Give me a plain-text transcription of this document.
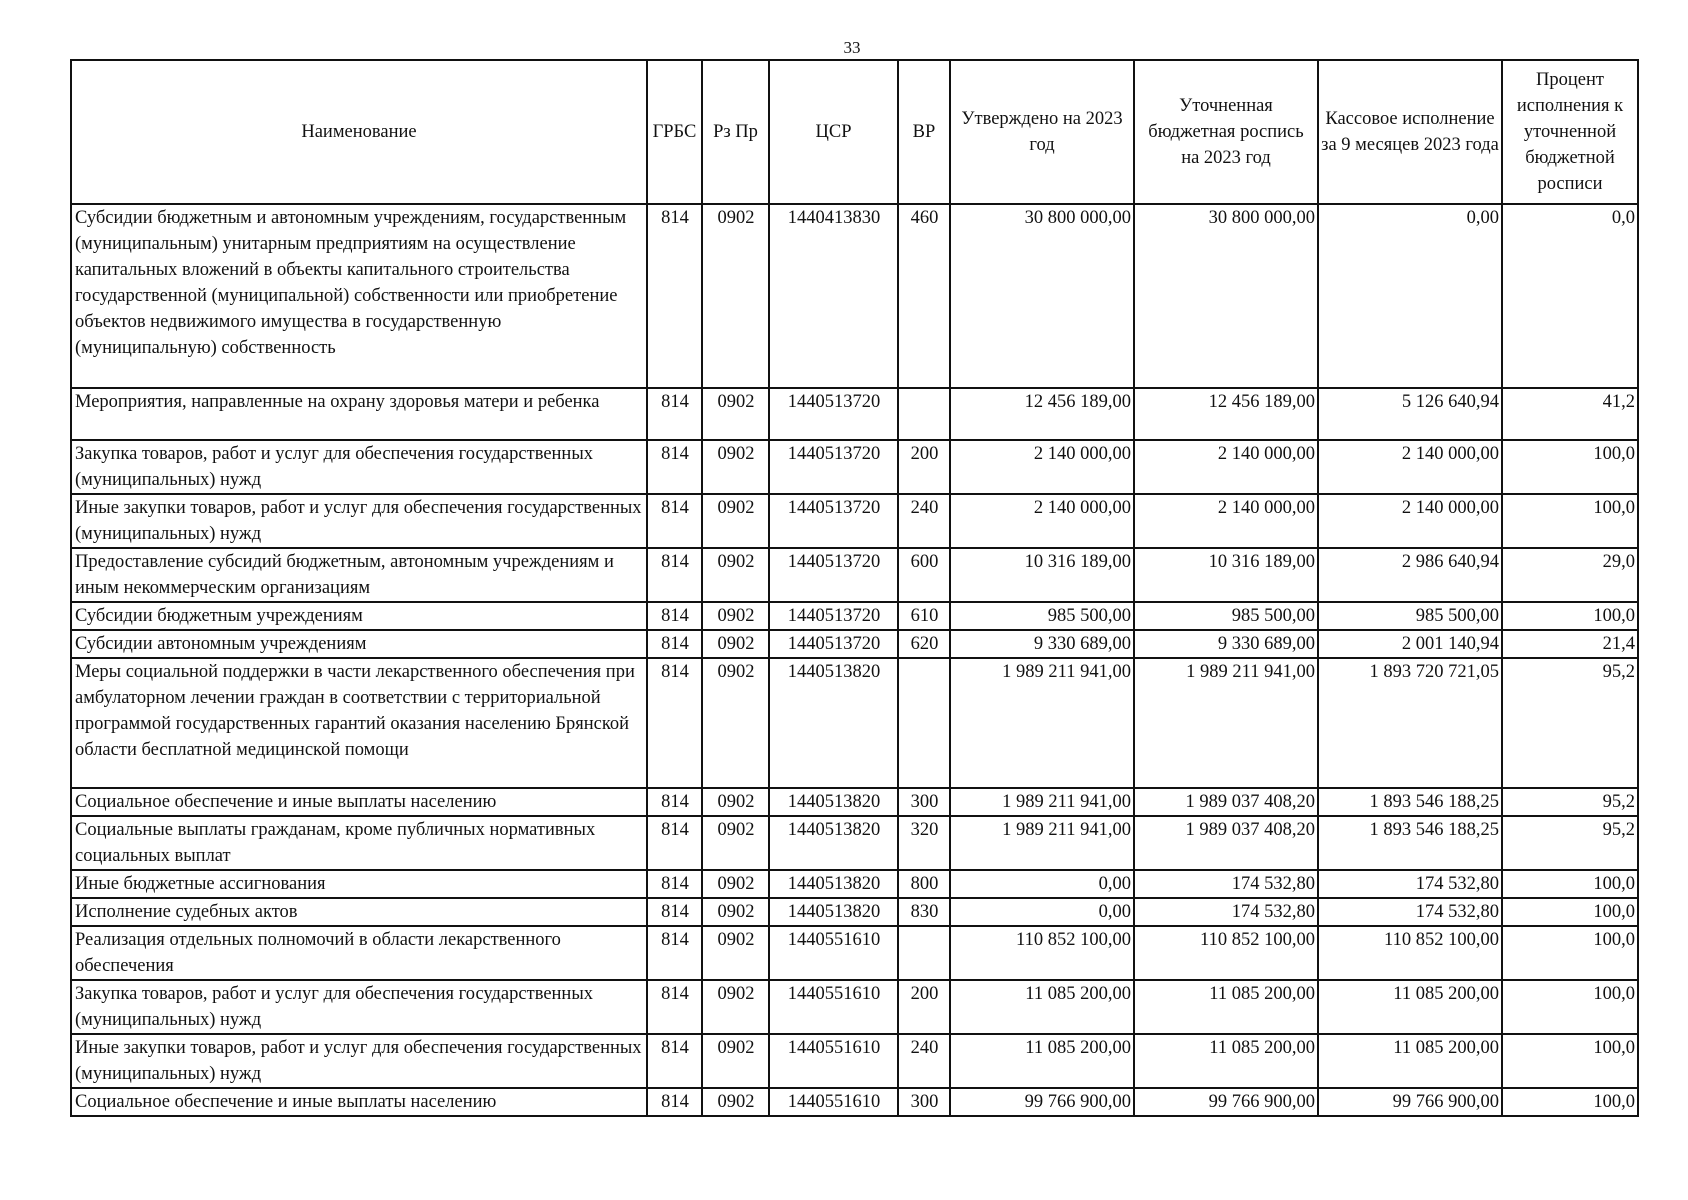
33
Наименование	ГРБС	Рз Пр	ЦСР	ВР	Утверждено на 2023 год	Уточненная бюджетная роспись на 2023 год	Кассовое исполнение за 9 месяцев 2023 года	Процент исполнения к уточненной бюджетной росписи
Субсидии бюджетным и автономным учреждениям, государственным (муниципальным) унитарным предприятиям на осуществление капитальных вложений в объекты капитального строительства государственной (муниципальной) собственности или приобретение объектов недвижимого имущества в государственную (муниципальную) собственность	814	0902	1440413830	460	30 800 000,00	30 800 000,00	0,00	0,0
Мероприятия, направленные на охрану здоровья матери и ребенка	814	0902	1440513720		12 456 189,00	12 456 189,00	5 126 640,94	41,2
Закупка товаров, работ и услуг для обеспечения государственных (муниципальных) нужд	814	0902	1440513720	200	2 140 000,00	2 140 000,00	2 140 000,00	100,0
Иные закупки товаров, работ и услуг для обеспечения государственных (муниципальных) нужд	814	0902	1440513720	240	2 140 000,00	2 140 000,00	2 140 000,00	100,0
Предоставление субсидий бюджетным, автономным учреждениям и иным некоммерческим организациям	814	0902	1440513720	600	10 316 189,00	10 316 189,00	2 986 640,94	29,0
Субсидии бюджетным учреждениям	814	0902	1440513720	610	985 500,00	985 500,00	985 500,00	100,0
Субсидии автономным учреждениям	814	0902	1440513720	620	9 330 689,00	9 330 689,00	2 001 140,94	21,4
Меры социальной поддержки в части лекарственного обеспечения при амбулаторном лечении граждан в соответствии с территориальной программой государственных гарантий оказания населению Брянской области бесплатной медицинской помощи	814	0902	1440513820		1 989 211 941,00	1 989 211 941,00	1 893 720 721,05	95,2
Социальное обеспечение и иные выплаты населению	814	0902	1440513820	300	1 989 211 941,00	1 989 037 408,20	1 893 546 188,25	95,2
Социальные выплаты гражданам, кроме публичных нормативных социальных выплат	814	0902	1440513820	320	1 989 211 941,00	1 989 037 408,20	1 893 546 188,25	95,2
Иные бюджетные ассигнования	814	0902	1440513820	800	0,00	174 532,80	174 532,80	100,0
Исполнение судебных актов	814	0902	1440513820	830	0,00	174 532,80	174 532,80	100,0
Реализация отдельных полномочий в области лекарственного обеспечения	814	0902	1440551610		110 852 100,00	110 852 100,00	110 852 100,00	100,0
Закупка товаров, работ и услуг для обеспечения государственных (муниципальных) нужд	814	0902	1440551610	200	11 085 200,00	11 085 200,00	11 085 200,00	100,0
Иные закупки товаров, работ и услуг для обеспечения государственных (муниципальных) нужд	814	0902	1440551610	240	11 085 200,00	11 085 200,00	11 085 200,00	100,0
Социальное обеспечение и иные выплаты населению	814	0902	1440551610	300	99 766 900,00	99 766 900,00	99 766 900,00	100,0
